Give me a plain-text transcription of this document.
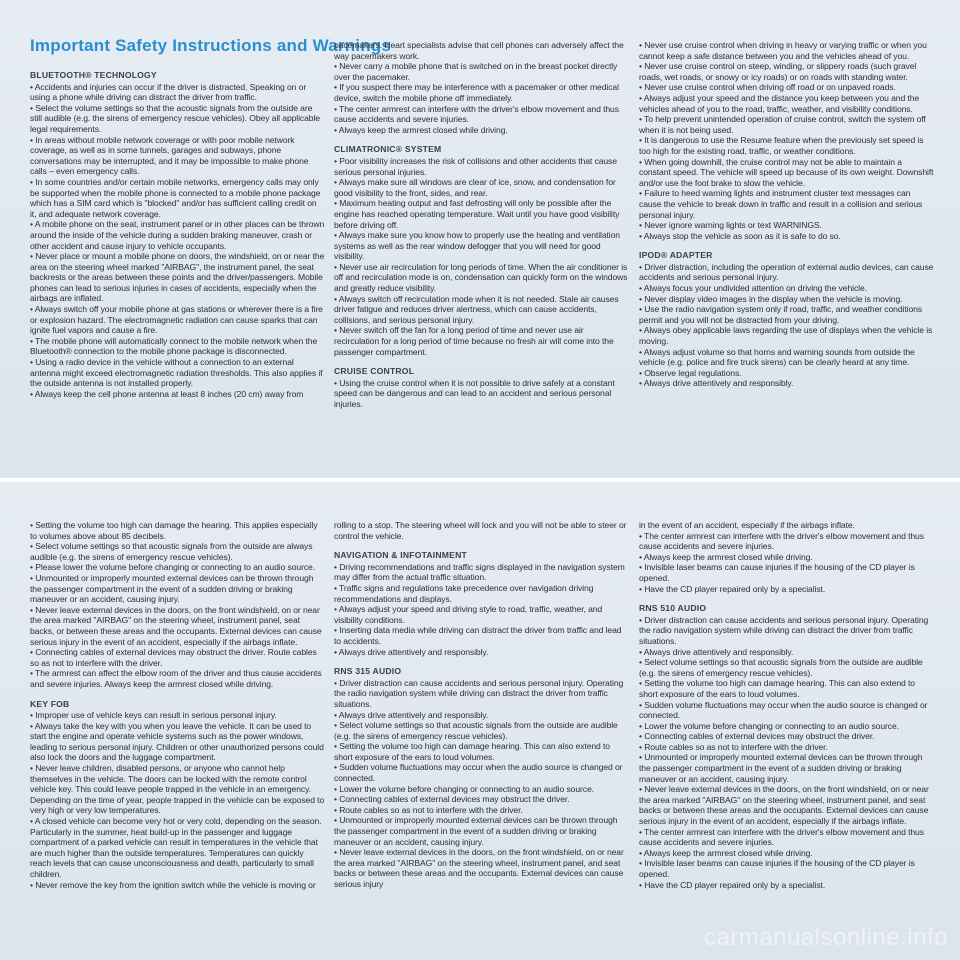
Important Safety Instructions and Warnings
BLUETOOTH® TECHNOLOGY

• Accidents and injuries can occur if the driver is distracted. Speaking on or using a phone while driving can distract the driver from traffic.

• Select the volume settings so that the acoustic signals from the outside are still audible (e.g. the sirens of emergency rescue vehicles). Obey all applicable legal requirements.

• In areas without mobile network coverage or with poor mobile network coverage, as well as in some tunnels, garages and subways, phone conversations may be interrupted, and it may be impossible to make phone calls – even emergency calls.

• In some countries and/or certain mobile networks, emergency calls may only be supported when the mobile phone is connected to a mobile phone package which has a SIM card which is "blocked" and/or has sufficient calling credit on it, and adequate network coverage.

• A mobile phone on the seat, instrument panel or in other places can be thrown around the inside of the vehicle during a sudden braking maneuver, crash or other accident and cause injury to vehicle occupants.

• Never place or mount a mobile phone on doors, the windshield, on or near the area on the steering wheel marked "AIRBAG", the instrument panel, the seat backrests or the areas between these points and the driver/passengers. Mobile phones can lead to serious injuries in cases of accidents, especially when the airbags are inflated.

• Always switch off your mobile phone at gas stations or wherever there is a fire or explosion hazard. The electromagnetic radiation can cause sparks that can ignite fuel vapors and cause a fire.

• The mobile phone will automatically connect to the mobile network when the Bluetooth® connection to the mobile phone package is disconnected.

• Using a radio device in the vehicle without a connection to an external antenna might exceed electromagnetic radiation thresholds. This also applies if the outside antenna is not installed properly.

• Always keep the cell phone antenna at least 8 inches (20 cm) away from

pacemakers. Heart specialists advise that cell phones can adversely affect the way pacemakers work.

• Never carry a mobile phone that is switched on in the breast pocket directly over the pacemaker.

• If you suspect there may be interference with a pacemaker or other medical device, switch the mobile phone off immediately.

• The center armrest can interfere with the driver's elbow movement and thus cause accidents and severe injuries.

• Always keep the armrest closed while driving.

CLIMATRONIC® SYSTEM

• Poor visibility increases the risk of collisions and other accidents that cause serious personal injuries.

• Always make sure all windows are clear of ice, snow, and condensation for good visibility to the front, sides, and rear.

• Maximum heating output and fast defrosting will only be possible after the engine has reached operating temperature. Wait until you have good visibility before driving off.

• Always make sure you know how to properly use the heating and ventilation systems as well as the rear window defogger that you will need for good visibility.

• Never use air recirculation for long periods of time. When the air conditioner is off and recirculation mode is on, condensation can quickly form on the windows and greatly reduce visibility.

• Always switch off recirculation mode when it is not needed. Stale air causes driver fatigue and reduces driver alertness, which can cause accidents, collisions, and serious personal injury.

• Never switch off the fan for a long period of time and never use air recirculation for a long period of time because no fresh air will come into the passenger compartment.

CRUISE CONTROL

• Using the cruise control when it is not possible to drive safely at a constant speed can be dangerous and can lead to an accident and serious personal injuries.

• Never use cruise control when driving in heavy or varying traffic or when you cannot keep a safe distance between you and the vehicles ahead of you.

• Never use cruise control on steep, winding, or slippery roads (such gravel roads, wet roads, or snowy or icy roads) or on roads with standing water.

• Never use cruise control when driving off road or on unpaved roads.

• Always adjust your speed and the distance you keep between you and the vehicles ahead of you to the road, traffic, weather, and visibility conditions.

• To help prevent unintended operation of cruise control, switch the system off when it is not being used.

• It is dangerous to use the Resume feature when the previously set speed is too high for the existing road, traffic, or weather conditions.

• When going downhill, the cruise control may not be able to maintain a constant speed. The vehicle will speed up because of its own weight. Downshift and/or use the foot brake to slow the vehicle.

• Failure to heed warning lights and instrument cluster text messages can cause the vehicle to break down in traffic and result in a collision and serious personal injury.

• Never ignore warning lights or text WARNINGS.

• Always stop the vehicle as soon as it is safe to do so.

IPOD® ADAPTER

• Driver distraction, including the operation of external audio devices, can cause accidents and serious personal injury.

• Always focus your undivided attention on driving the vehicle.

• Never display video images in the display when the vehicle is moving.

• Use the radio navigation system only if road, traffic, and weather conditions permit and you will not be distracted from your driving.

• Always obey applicable laws regarding the use of displays when the vehicle is moving.

• Always adjust volume so that horns and warning sounds from outside the vehicle (e.g. police and fire truck sirens) can be clearly heard at any time.

• Observe legal regulations.

• Always drive attentively and responsibly.

• Setting the volume too high can damage the hearing. This applies especially to volumes above about 85 decibels.

• Select volume settings so that acoustic signals from the outside are always audible (e.g. the sirens of emergency rescue vehicles).

• Please lower the volume before changing or connecting to an audio source.

• Unmounted or improperly mounted external devices can be thrown through the passenger compartment in the event of a sudden driving or braking maneuver or an accident, causing injury.

• Never leave external devices in the doors, on the front windshield, on or near the area marked "AIRBAG" on the steering wheel, instrument panel, seat backs, or between these areas and the occupants. External devices can cause serious injury in the event of an accident, especially if the airbags inflate.

• Connecting cables of external devices may obstruct the driver. Route cables so as not to interfere with the driver.

• The armrest can affect the elbow room of the driver and thus cause accidents and severe injuries. Always keep the armrest closed while driving.

KEY FOB

• Improper use of vehicle keys can result in serious personal injury.

• Always take the key with you when you leave the vehicle. It can be used to start the engine and operate vehicle systems such as the power windows, leading to serious personal injury. Children or other unauthorized persons could also lock the doors and the luggage compartment.

• Never leave children, disabled persons, or anyone who cannot help themselves in the vehicle. The doors can be locked with the remote control vehicle key. This could leave people trapped in the vehicle in an emergency. Depending on the time of year, people trapped in the vehicle can be exposed to very high or very low temperatures.

• A closed vehicle can become very hot or very cold, depending on the season. Particularly in the summer, heat build-up in the passenger and luggage compartment of a parked vehicle can result in temperatures in the vehicle that are much higher than the outside temperatures. Temperatures can quickly reach levels that can cause unconsciousness and death, particularly to small children.

• Never remove the key from the ignition switch while the vehicle is moving or

rolling to a stop. The steering wheel will lock and you will not be able to steer or control the vehicle.

NAVIGATION & INFOTAINMENT

• Driving recommendations and traffic signs displayed in the navigation system may differ from the actual traffic situation.

• Traffic signs and regulations take precedence over navigation driving recommendations and displays.

• Always adjust your speed and driving style to road, traffic, weather, and visibility conditions.

• Inserting data media while driving can distract the driver from traffic and lead to accidents.

• Always drive attentively and responsibly.

RNS 315 AUDIO

• Driver distraction can cause accidents and serious personal injury. Operating the radio navigation system while driving can distract the driver from traffic situations.

• Always drive attentively and responsibly.

• Select volume settings so that acoustic signals from the outside are audible (e.g. the sirens of emergency rescue vehicles).

• Setting the volume too high can damage hearing. This can also extend to short exposure of the ears to loud volumes.

• Sudden volume fluctuations may occur when the audio source is changed or connected.

• Lower the volume before changing or connecting to an audio source.

• Connecting cables of external devices may obstruct the driver.

• Route cables so as not to interfere with the driver.

• Unmounted or improperly mounted external devices can be thrown through the passenger compartment in the event of a sudden driving or braking maneuver or an accident, causing injury.

• Never leave external devices in the doors, on the front windshield, on or near the area marked "AIRBAG" on the steering wheel, instrument panel, and seat backs or between these areas and the occupants. External devices can cause serious injury

in the event of an accident, especially if the airbags inflate.

• The center armrest can interfere with the driver's elbow movement and thus cause accidents and severe injuries.

• Always keep the armrest closed while driving.

• Invisible laser beams can cause injuries if the housing of the CD player is opened.

• Have the CD player repaired only by a specialist.

RNS 510 AUDIO

• Driver distraction can cause accidents and serious personal injury. Operating the radio navigation system while driving can distract the driver from traffic situations.

• Always drive attentively and responsibly.

• Select volume settings so that acoustic signals from the outside are audible (e.g. the sirens of emergency rescue vehicles).

• Setting the volume too high can damage hearing. This can also extend to short exposure of the ears to loud volumes.

• Sudden volume fluctuations may occur when the audio source is changed or connected.

• Lower the volume before changing or connecting to an audio source.

• Connecting cables of external devices may obstruct the driver.

• Route cables so as not to interfere with the driver.

• Unmounted or improperly mounted external devices can be thrown through the passenger compartment in the event of a sudden driving or braking maneuver or an accident, causing injury.

• Never leave external devices in the doors, on the front windshield, on or near the area marked "AIRBAG" on the steering wheel, instrument panel, and seat backs or between these areas and the occupants. External devices can cause serious injury in the event of an accident, especially if the airbags inflate.

• The center armrest can interfere with the driver's elbow movement and thus cause accidents and severe injuries.

• Always keep the armrest closed while driving.

• Invisible laser beams can cause injuries if the housing of the CD player is opened.

• Have the CD player repaired only by a specialist.

carmanualsonline.info
